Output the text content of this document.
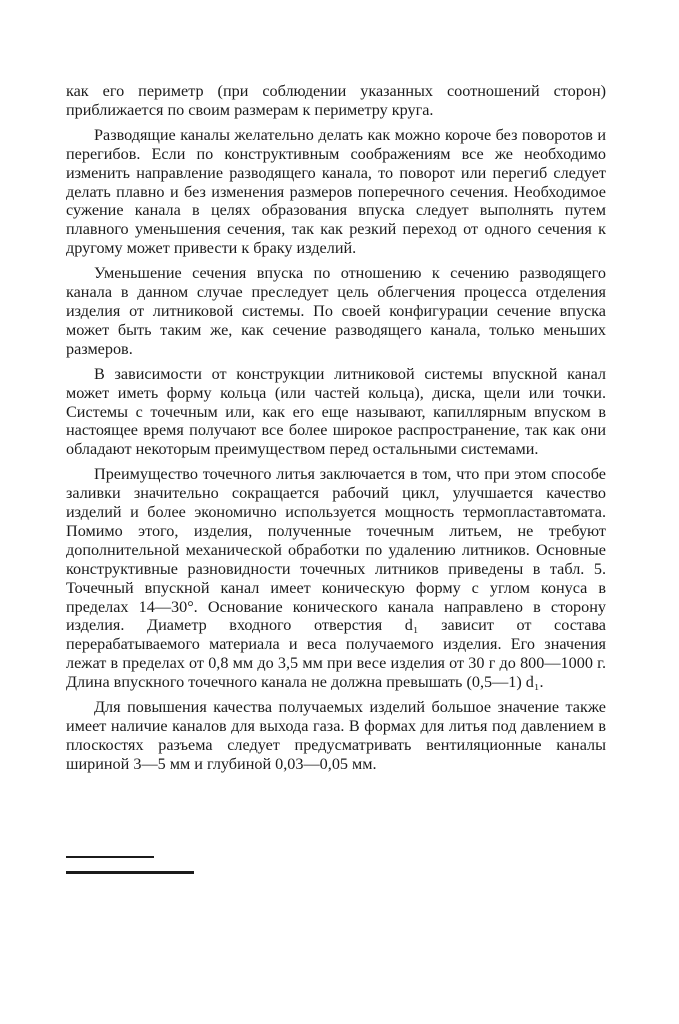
как его периметр (при соблюдении указанных соотношений сторон) приближается по своим размерам к периметру круга.

Разводящие каналы желательно делать как можно короче без поворотов и перегибов. Если по конструктивным соображениям все же необходимо изменить направление разводящего канала, то поворот или перегиб следует делать плавно и без изменения размеров поперечного сечения. Необходимое сужение канала в целях образования впуска следует выполнять путем плавного уменьшения сечения, так как резкий переход от одного сечения к другому может привести к браку изделий.

Уменьшение сечения впуска по отношению к сечению разводящего канала в данном случае преследует цель облегчения процесса отделения изделия от литниковой системы. По своей конфигурации сечение впуска может быть таким же, как сечение разводящего канала, только меньших размеров.

В зависимости от конструкции литниковой системы впускной канал может иметь форму кольца (или частей кольца), диска, щели или точки. Системы с точечным или, как его еще называют, капиллярным впуском в настоящее время получают все более широкое распространение, так как они обладают некоторым преимуществом перед остальными системами.

Преимущество точечного литья заключается в том, что при этом способе заливки значительно сокращается рабочий цикл, улучшается качество изделий и более экономично используется мощность термопластавтомата. Помимо этого, изделия, полученные точечным литьем, не требуют дополнительной механической обработки по удалению литников. Основные конструктивные разновидности точечных литников приведены в табл. 5. Точечный впускной канал имеет коническую форму с углом конуса в пределах 14—30°. Основание конического канала направлено в сторону изделия. Диаметр входного отверстия d₁ зависит от состава перерабатываемого материала и веса получаемого изделия. Его значения лежат в пределах от 0,8 мм до 3,5 мм при весе изделия от 30 г до 800—1000 г. Длина впускного точечного канала не должна превышать (0,5—1) d₁.

Для повышения качества получаемых изделий большое значение также имеет наличие каналов для выхода газа. В формах для литья под давлением в плоскостях разъема следует предусматривать вентиляционные каналы шириной 3—5 мм и глубиной 0,03—0,05 мм.
